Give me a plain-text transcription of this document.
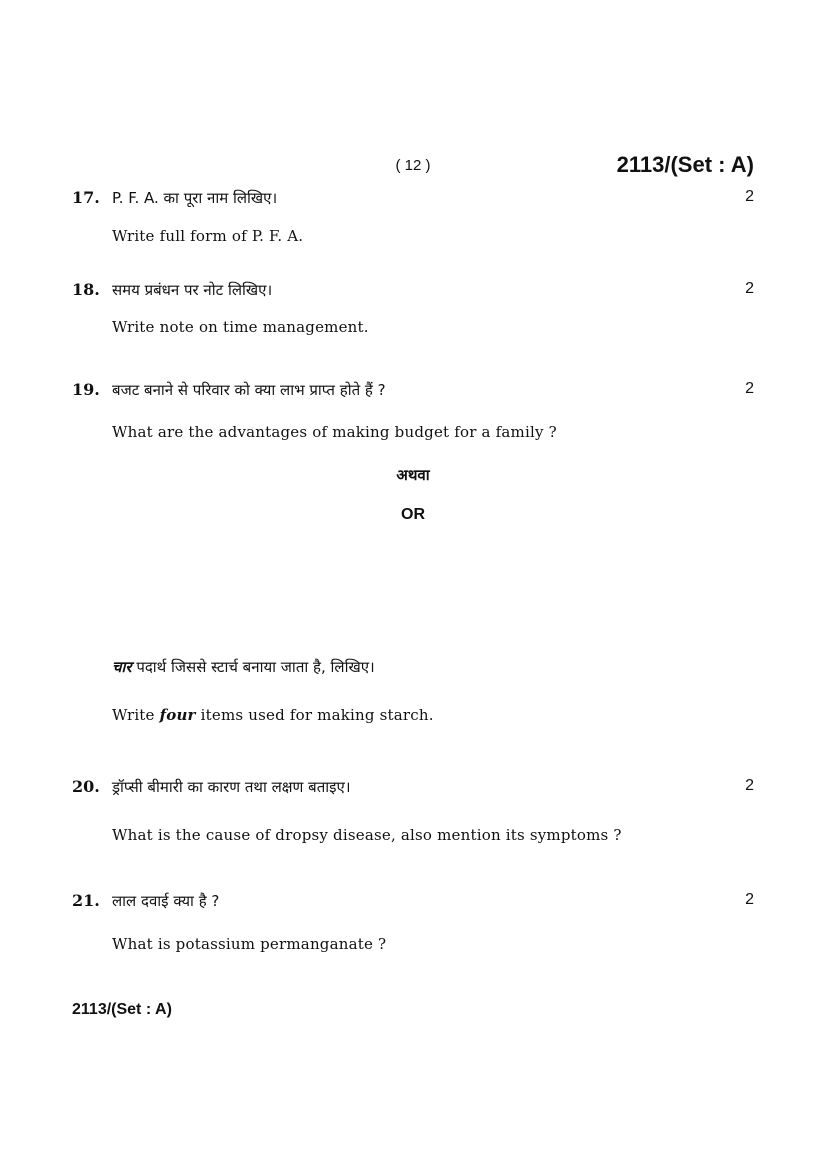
( 12 )	2113/(Set : A)
17. P. F. A. का पूरा नाम लिखिए।	2
Write full form of P. F. A.
18. समय प्रबंधन पर नोट लिखिए।	2
Write note on time management.
19. बजट बनाने से परिवार को क्या लाभ प्राप्त होते हैं ?	2
What are the advantages of making budget for a family ?
अथवा
OR
चार पदार्थ जिससे स्टार्च बनाया जाता है, लिखिए।
Write four items used for making starch.
20. ड्रॉप्सी बीमारी का कारण तथा लक्षण बताइए।	2
What is the cause of dropsy disease, also mention its symptoms ?
21. लाल दवाई क्या है ?	2
What is potassium permanganate ?
2113/(Set : A)
